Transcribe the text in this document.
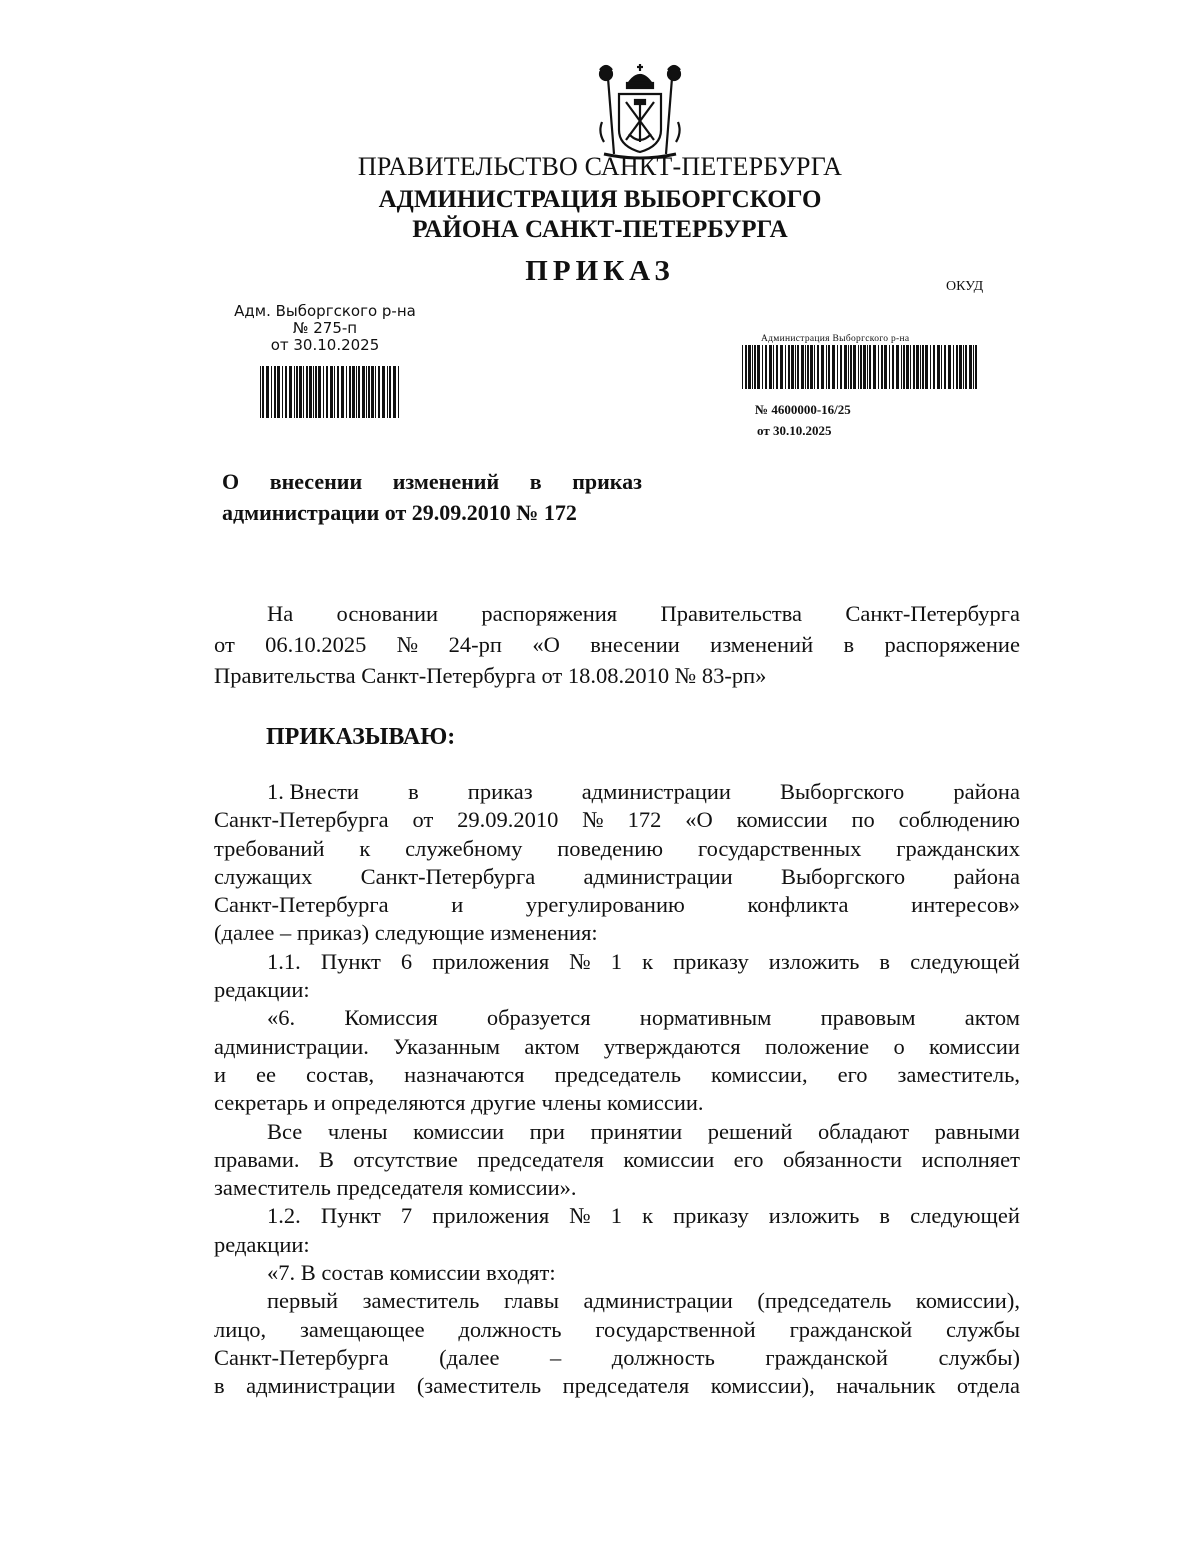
ПРАВИТЕЛЬСТВО САНКТ-ПЕТЕРБУРГА
АДМИНИСТРАЦИЯ ВЫБОРГСКОГО
РАЙОНА САНКТ-ПЕТЕРБУРГА
ПРИКАЗ	ОКУД
Адм. Выборгского р-на
№ 275-п
от 30.10.2025	Администрация Выборгского р-на
№ 4600000-16/25
от 30.10.2025
О внесении изменений в приказ
администрации от 29.09.2010 № 172
На основании распоряжения Правительства Санкт-Петербурга
от 06.10.2025 № 24-рп «О внесении изменений в распоряжение
Правительства Санкт-Петербурга от 18.08.2010 № 83-рп»
ПРИКАЗЫВАЮ:
1. Внести в приказ администрации Выборгского района
Санкт-Петербурга от 29.09.2010 № 172 «О комиссии по соблюдению
требований к служебному поведению государственных гражданских
служащих Санкт-Петербурга администрации Выборгского района
Санкт-Петербурга	и	урегулированию	конфликта	интересов»
(далее – приказ) следующие изменения:
1.1. Пункт 6 приложения № 1 к приказу изложить в следующей
редакции:
«6. Комиссия образуется нормативным правовым актом
администрации. Указанным актом утверждаются положение о комиссии
и ее состав, назначаются председатель комиссии, его заместитель,
секретарь и определяются другие члены комиссии.
Все члены комиссии при принятии решений обладают равными
правами. В отсутствие председателя комиссии его обязанности исполняет
заместитель председателя комиссии».
1.2. Пункт 7 приложения № 1 к приказу изложить в следующей
редакции:
«7. В состав комиссии входят:
первый заместитель главы администрации (председатель комиссии),
лицо, замещающее должность государственной гражданской службы
Санкт-Петербурга (далее – должность гражданской службы)
в администрации (заместитель председателя комиссии), начальник отдела
